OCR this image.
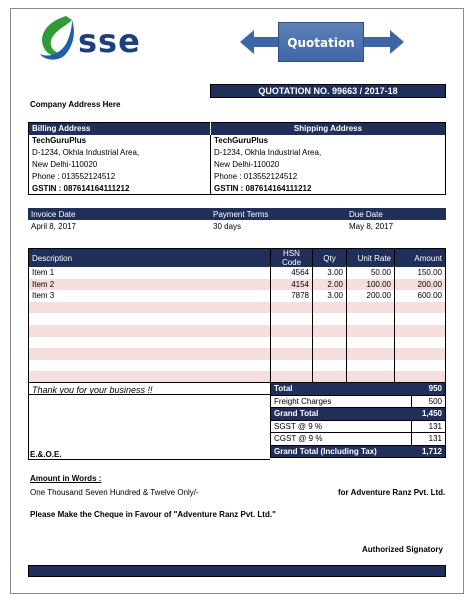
sse	Quotation
QUOTATION NO. 99663 / 2017-18
Company Address Here
Billing Address	Shipping Address
TechGuruPlus	TechGuruPlus
D-1234, Okhla Industrial Area,	D-1234, Okhla Industrial Area,
New Delhi-110020	New Delhi-110020
Phone : 013552124512	Phone : 013552124512
GSTIN : 087614164111212	GSTIN : 087614164111212
Invoice Date	Payment Terms	Due Date
April 8, 2017	30 days	May 8, 2017
Description	HSN Code	Qty	Unit Rate	Amount
Item 1	4564	3.00	50.00	150.00
Item 2	4154	2.00	100.00	200.00
Item 3	7878	3.00	200.00	600.00

Thank you for your business !!
E.&.O.E.
Total	950
Freight Charges	500
Grand Total	1,450
SGST @ 9 %	131
CGST @ 9 %	131
Grand Total (Including Tax)	1,712
Amount in Words :
One Thousand Seven Hundred & Twelve Only/-	for Adventure Ranz Pvt. Ltd.
Please Make the Cheque in Favour of "Adventure Ranz Pvt. Ltd."
Authorized Signatory
